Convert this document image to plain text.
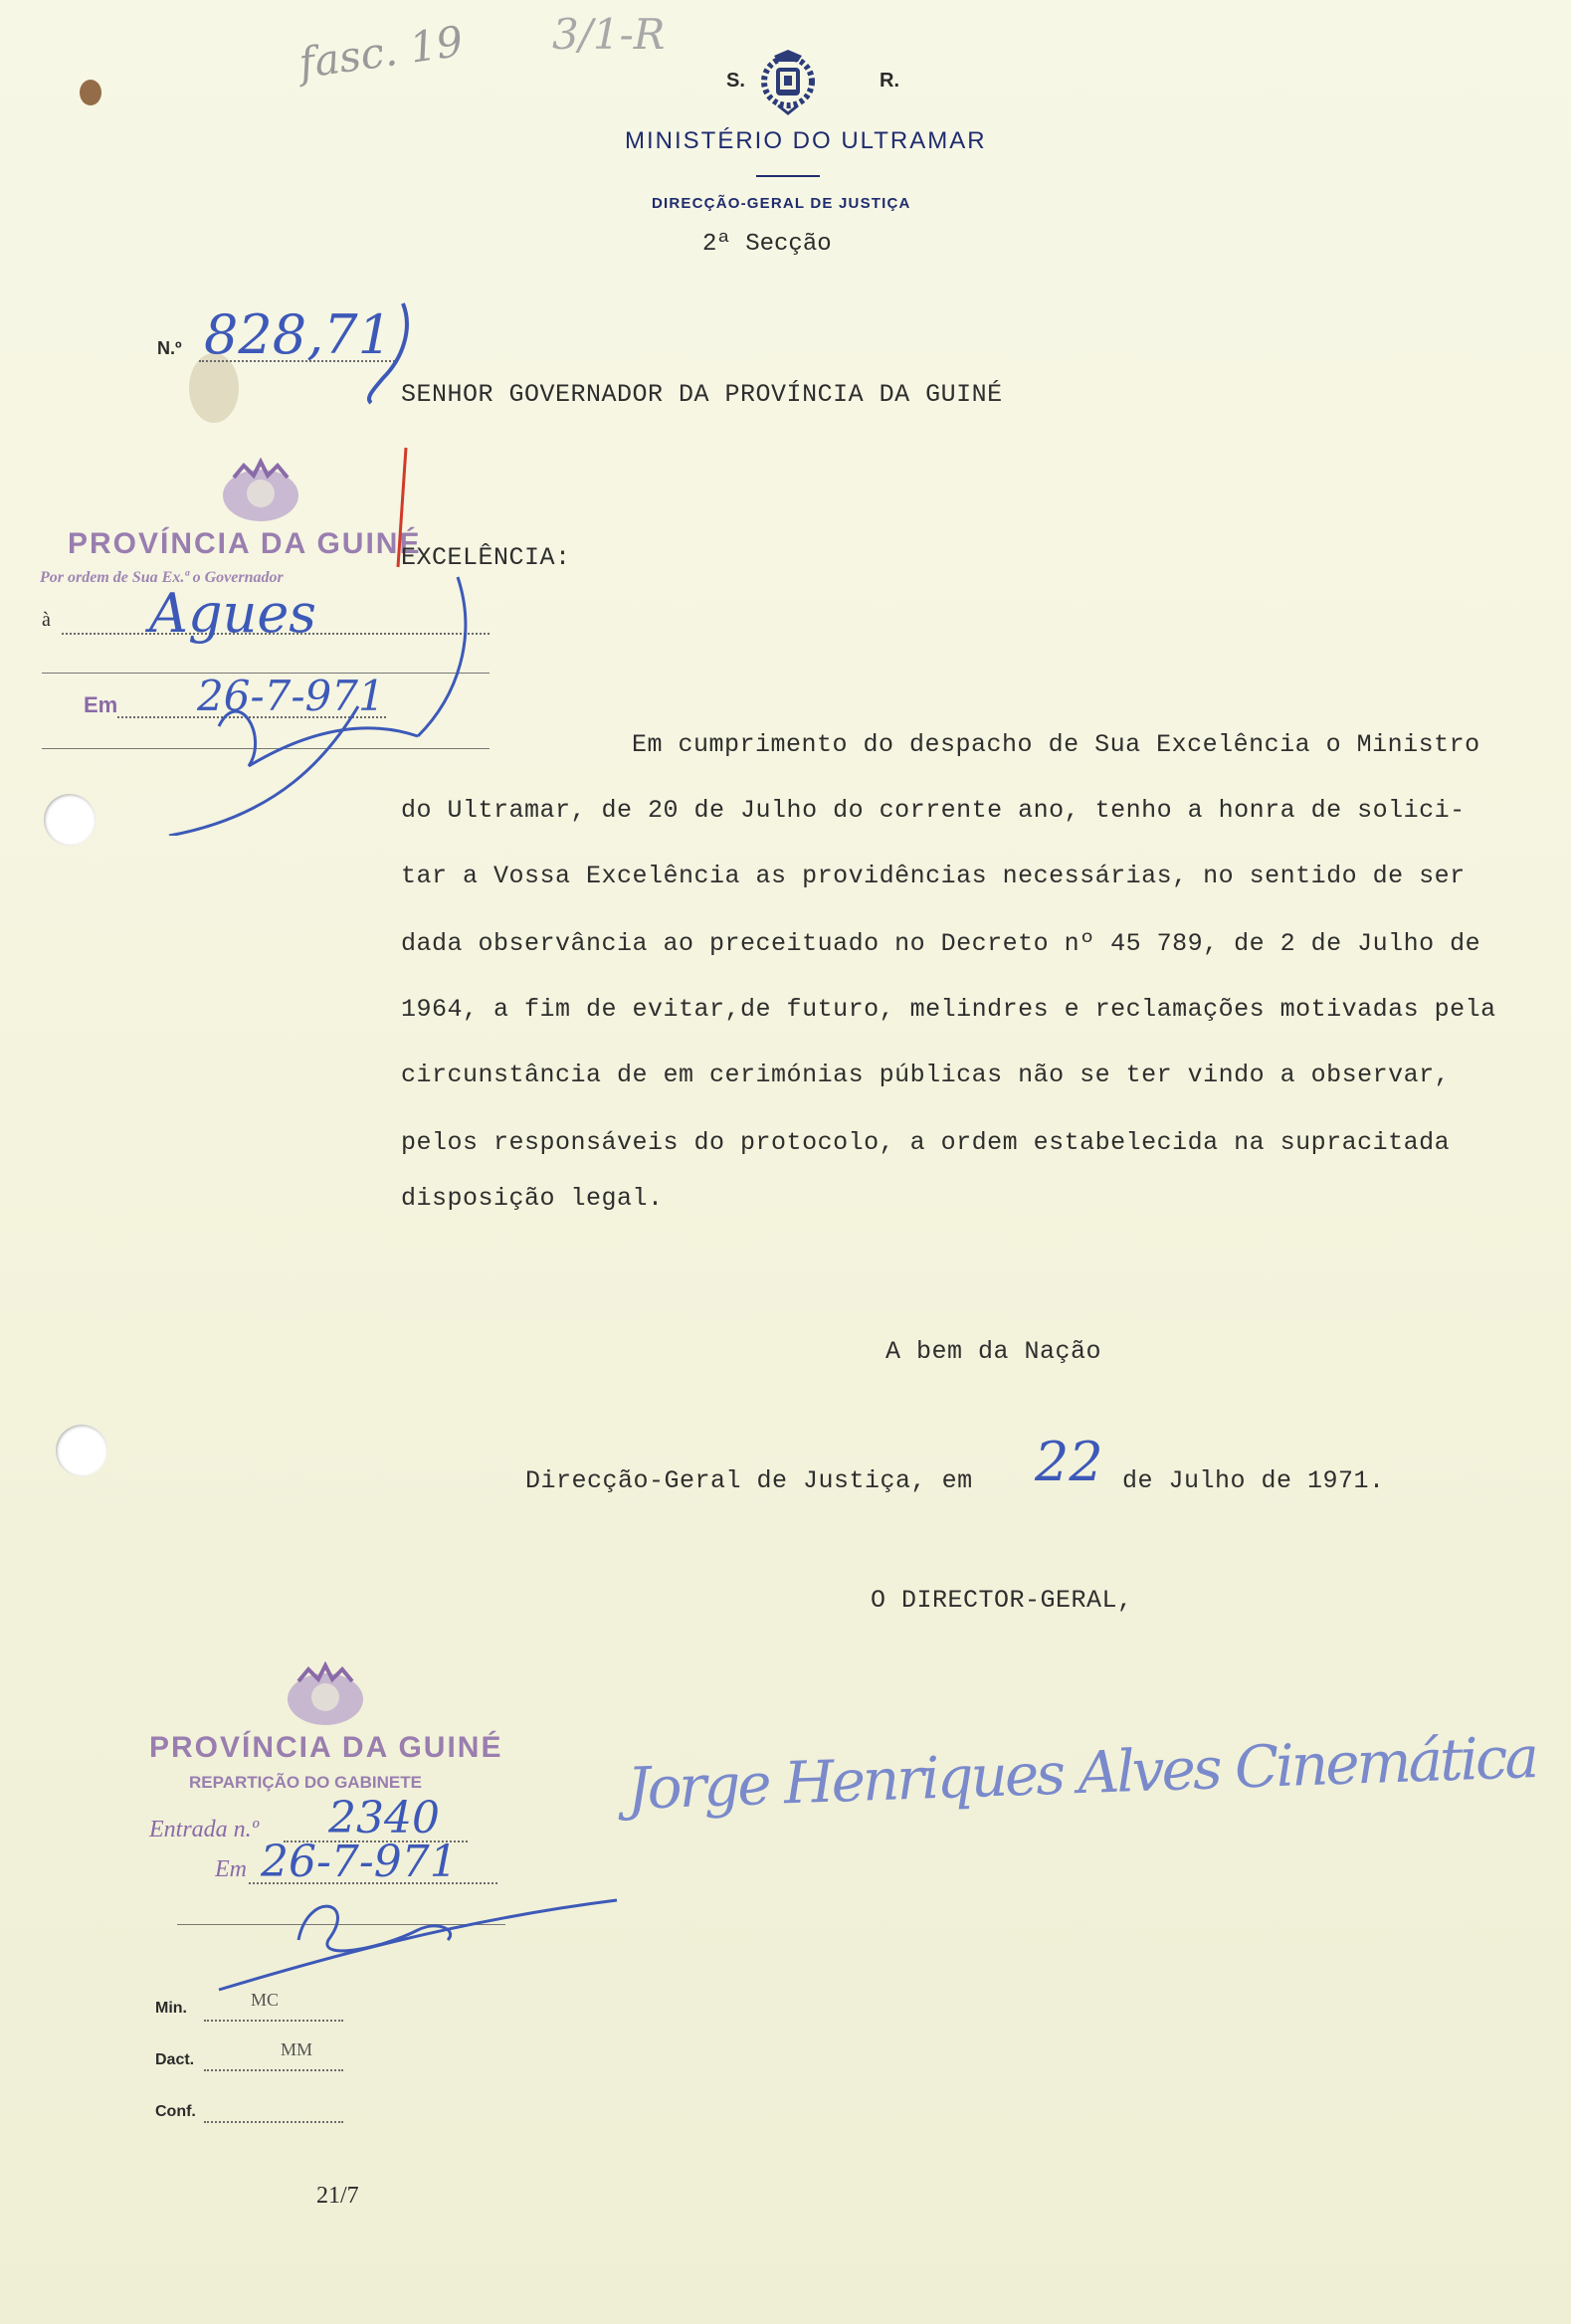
fasc. 19 3/1-R
S.	R.
MINISTÉRIO DO ULTRAMAR
DIRECÇÃO-GERAL DE JUSTIÇA
2ª Secção
N.º 828,71
SENHOR GOVERNADOR DA PROVÍNCIA DA GUINÉ
PROVÍNCIA DA GUINÉ
Por ordem de Sua Ex.ª o Governador
à Agues
Em 26-7-971
EXCELÊNCIA:
Em cumprimento do despacho de Sua Excelência o Ministro
do Ultramar, de 20 de Julho do corrente ano, tenho a honra de solici-
tar a Vossa Excelência as providências necessárias, no sentido de ser
dada observância ao preceituado no Decreto nº 45 789, de 2 de Julho de
1964, a fim de evitar,de futuro, melindres e reclamações motivadas pela
circunstância de em cerimónias públicas não se ter vindo a observar,
pelos responsáveis do protocolo, a ordem estabelecida na supracitada
disposição legal.
A bem da Nação
Direcção-Geral de Justiça, em 22 de Julho de 1971.
O DIRECTOR-GERAL,
Jorge Henriques Alves Cinemática
PROVÍNCIA DA GUINÉ
REPARTIÇÃO DO GABINETE
Entrada n.º 2340
Em 26-7-971
Min.	MC
Dact.
MM
Conf.
21/7
